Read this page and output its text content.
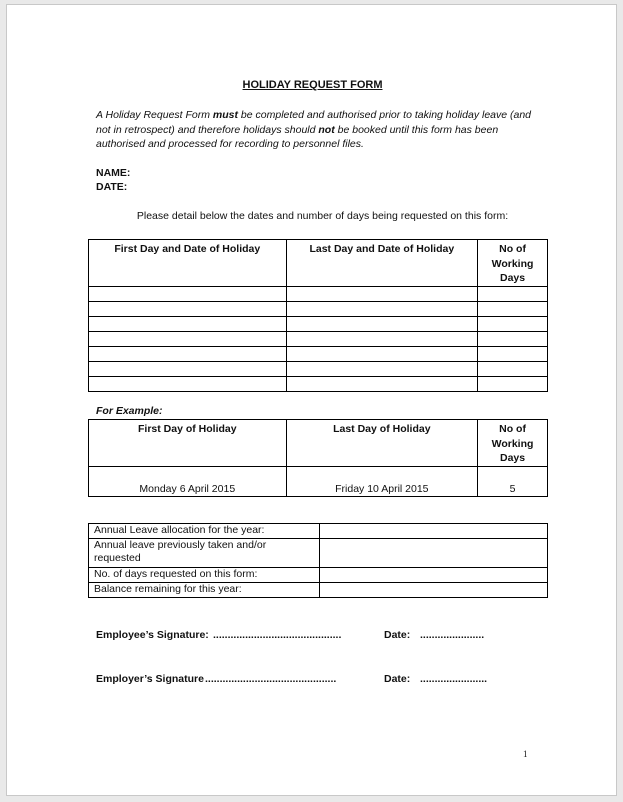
HOLIDAY REQUEST FORM
A Holiday Request Form must be completed and authorised prior to taking holiday leave (and not in retrospect) and therefore holidays should not be booked until this form has been authorised and processed for recording to personnel files.
NAME:
DATE:
Please detail below the dates and number of days being requested on this form:
First Day and Date of Holiday	Last Day and Date of Holiday	No of Working Days

For Example:
First Day of Holiday	Last Day of Holiday	No of Working Days
Monday 6 April 2015	Friday 10 April 2015	5
Annual Leave allocation for the year:	
Annual leave previously taken and/or requested	
No. of days requested on this form:	
Balance remaining for this year:	
Employee’s Signature: ............................................	Date: ......................
Employer’s Signature .............................................	Date: .......................
1
